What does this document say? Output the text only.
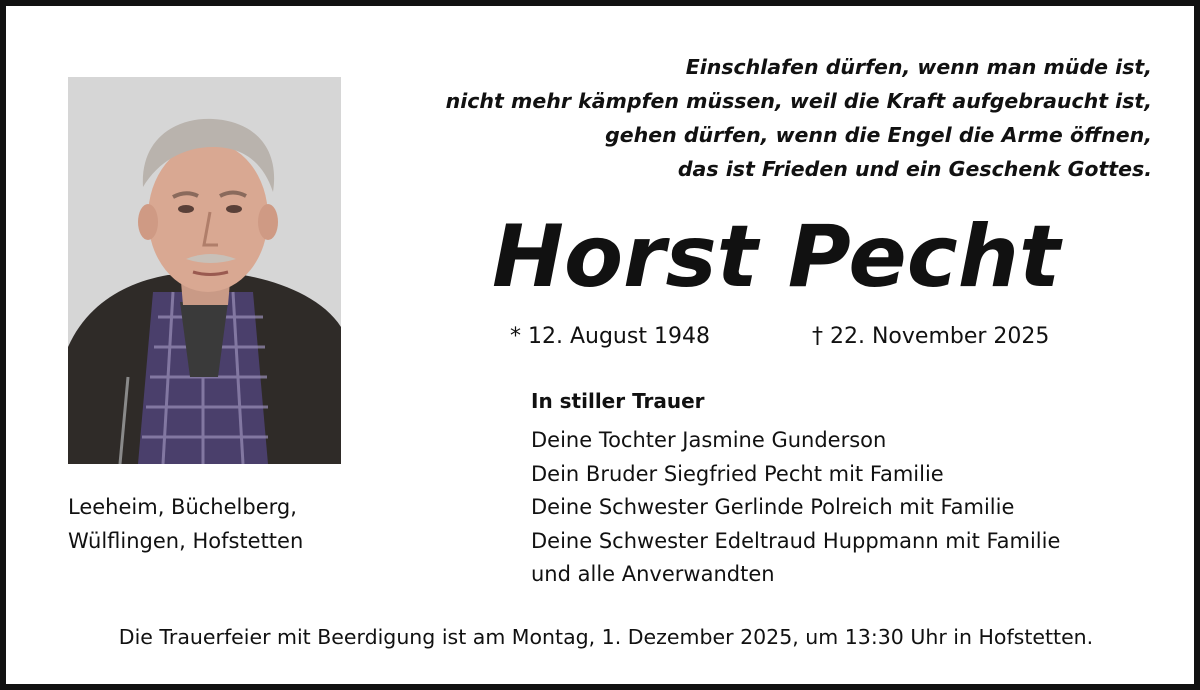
Einschlafen dürfen, wenn man müde ist,
nicht mehr kämpfen müssen, weil die Kraft aufgebraucht ist,
gehen dürfen, wenn die Engel die Arme öffnen,
das ist Frieden und ein Geschenk Gottes.
Horst Pecht
* 12. August 1948	† 22. November 2025
In stiller Trauer
Deine Tochter Jasmine Gunderson
Dein Bruder Siegfried Pecht mit Familie
Deine Schwester Gerlinde Polreich mit Familie
Deine Schwester Edeltraud Huppmann mit Familie
und alle Anverwandten
Leeheim, Büchelberg,
Wülflingen, Hofstetten
Die Trauerfeier mit Beerdigung ist am Montag, 1. Dezember 2025, um 13:30 Uhr in Hofstetten.
